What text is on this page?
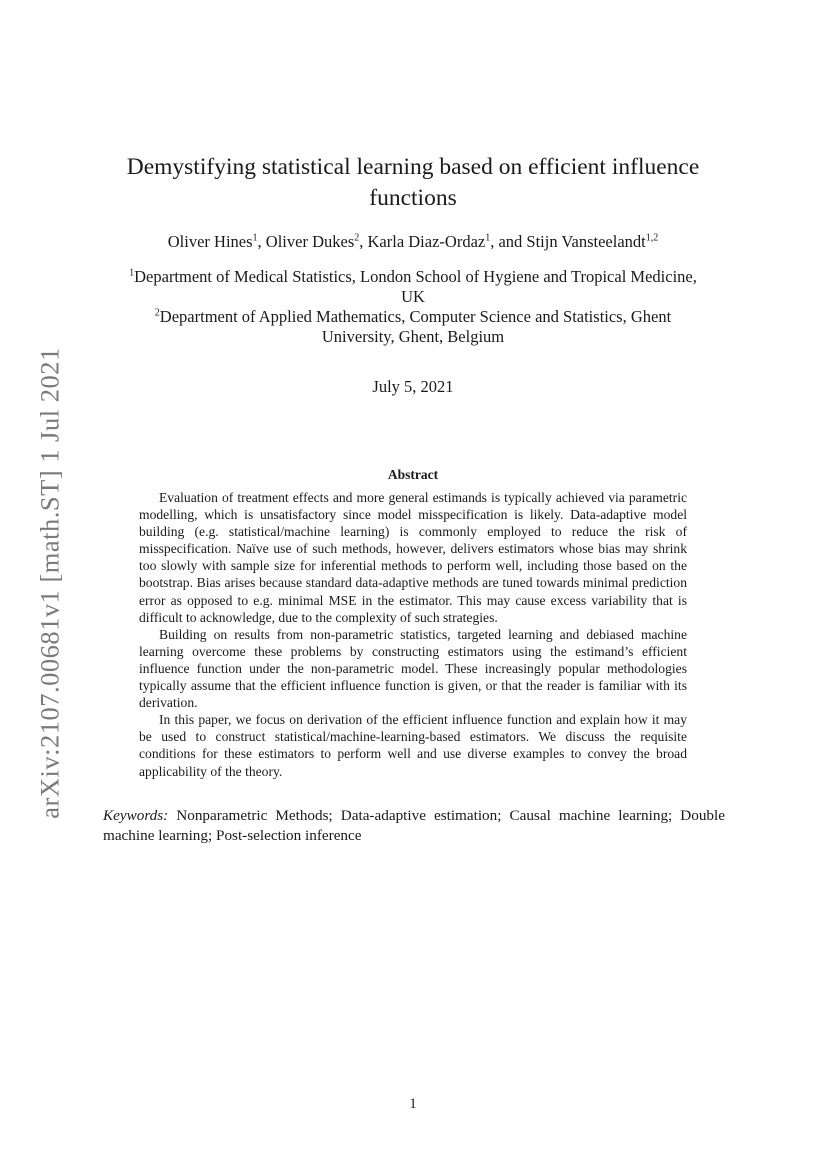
arXiv:2107.00681v1 [math.ST] 1 Jul 2021
Demystifying statistical learning based on efficient influence
functions
Oliver Hines$^1$, Oliver Dukes$^2$, Karla Diaz-Ordaz$^1$, and Stijn Vansteelandt$^{1,2}$
$^1$Department of Medical Statistics, London School of Hygiene and Tropical Medicine,
UK
$^2$Department of Applied Mathematics, Computer Science and Statistics, Ghent
University, Ghent, Belgium
July 5, 2021
Abstract

Evaluation of treatment effects and more general estimands is typically achieved via parametric modelling, which is unsatisfactory since model misspecification is likely. Data-adaptive model building (e.g. statistical/machine learning) is commonly employed to reduce the risk of misspecification. Naïve use of such methods, however, delivers estimators whose bias may shrink too slowly with sample size for inferential methods to perform well, including those based on the bootstrap. Bias arises because standard data-adaptive methods are tuned towards minimal prediction error as opposed to e.g. minimal MSE in the estimator. This may cause excess variability that is difficult to acknowledge, due to the complexity of such strategies.

Building on results from non-parametric statistics, targeted learning and debiased machine learning overcome these problems by constructing estimators using the estimand’s efficient influence function under the non-parametric model. These increasingly popular methodologies typically assume that the efficient influence function is given, or that the reader is familiar with its derivation.

In this paper, we focus on derivation of the efficient influence function and explain how it may be used to construct statistical/machine-learning-based estimators. We discuss the requisite conditions for these estimators to perform well and use diverse examples to convey the broad applicability of the theory.

Keywords: Nonparametric Methods; Data-adaptive estimation; Causal machine learning; Double machine learning; Post-selection inference
1
